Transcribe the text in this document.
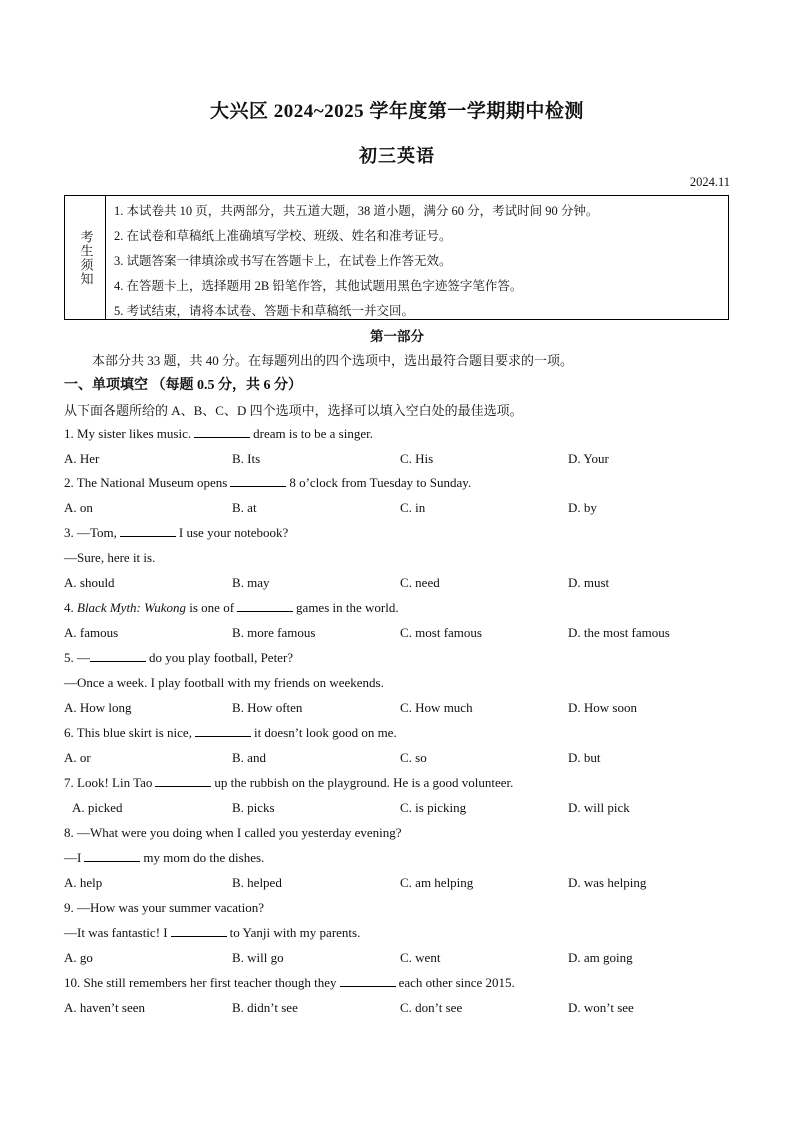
大兴区 2024~2025 学年度第一学期期中检测
初三英语
2024.11
考生须知
1. 本试卷共 10 页，共两部分，共五道大题，38 道小题，满分 60 分，考试时间 90 分钟。
2. 在试卷和草稿纸上准确填写学校、班级、姓名和准考证号。
3. 试题答案一律填涂或书写在答题卡上，在试卷上作答无效。
4. 在答题卡上，选择题用 2B 铅笔作答，其他试题用黑色字迹签字笔作答。
5. 考试结束，请将本试卷、答题卡和草稿纸一并交回。
第一部分
本部分共 33 题，共 40 分。在每题列出的四个选项中，选出最符合题目要求的一项。
一、单项填空 （每题 0.5 分，共 6 分）
从下面各题所给的 A、B、C、D 四个选项中，选择可以填入空白处的最佳选项。
1. My sister likes music.	dream is to be a singer.
A. Her	B. Its	C. His	D. Your
2. The National Museum opens	8 o’clock from Tuesday to Sunday.
A. on	B. at	C. in	D. by
3. —Tom,	I use your notebook?
—Sure, here it is.
A. should	B. may	C. need	D. must
4. Black Myth: Wukong is one of	games in the world.
A. famous	B. more famous	C. most famous	D. the most famous
5. —	do you play football, Peter?
—Once a week. I play football with my friends on weekends.
A. How long	B. How often	C. How much	D. How soon
6. This blue skirt is nice,	it doesn’t look good on me.
A. or	B. and	C. so	D. but
7. Look! Lin Tao	up the rubbish on the playground. He is a good volunteer.
A. picked	B. picks	C. is picking	D. will pick
8. —What were you doing when I called you yesterday evening?
—I	my mom do the dishes.
A. help	B. helped	C. am helping	D. was helping
9. —How was your summer vacation?
—It was fantastic! I	to Yanji with my parents.
A. go	B. will go	C. went	D. am going
10. She still remembers her first teacher though they	each other since 2015.
A. haven’t seen	B. didn’t see	C. don’t see	D. won’t see
